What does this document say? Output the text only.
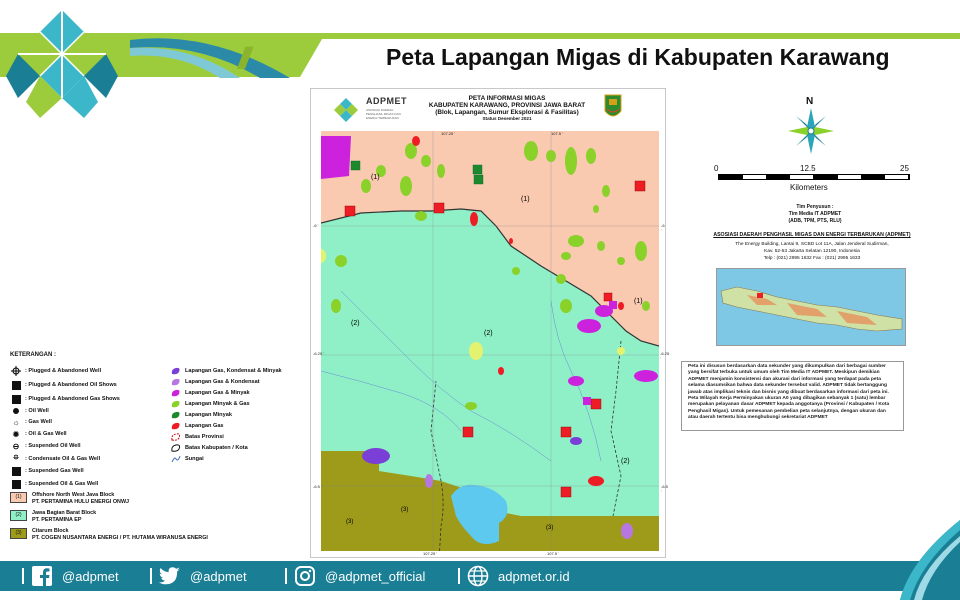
///	Peta Lapangan Migas di Kabupaten Karawang
ADPMET
ASOSIASI DAERAH PENGHASIL MIGAS DAN ENERGI TERBARUKAN
PETA INFORMASI MIGAS
KABUPATEN KARAWANG, PROVINSI JAWA BARAT
(Blok, Lapangan, Sumur Eksplorasi & Fasilitas)
Status Desember 2021
(1)
(1)
(1)
(2)
(2)
(2)
(3)
(3)
(3)
107.25 '	107.5 '
107.25 '	107.5 '
-6 '
-6.25 '
-6.5 '
-6 '
-6.25 '
-6.5 '
N
0	12.5	25
Kilometers
Tim Penyusun :
Tim Media IT ADPMET
(ADB, TPM, PTS, RLU)
ASOSIASI DAERAH PENGHASIL MIGAS DAN ENERGI TERBARUKAN (ADPMET)
The Energy Building, Lantai 9, SCBD Lot 11A, Jalan Jenderal Sudirman,
Kav. 52-53 Jakarta Selatan 12190, Indonesia
Telp : (021) 2995 1632 Fax : (021) 2995 1633
Peta ini disusun berdasarkan data sekunder yang dikumpulkan dari berbagai sumber yang bersifat terbuka untuk umum oleh Tim Media IT ADPMET. Meskipun demikian ADPMET menjamin konsistensi dan akurasi dari informasi yang terdapat pada peta selama diasumsikan bahwa data sekunder tersebut valid. ADPMET tidak bertanggung jawab atas implikasi teknis dan bisnis yang dibuat berdasarkan informasi dari peta ini. Peta Wilayah Kerja Perminyakan ukuran A0 yang dibagikan sebanyak 1 (satu) lembar merupakan pelayanan dasar ADPMET kepada anggotanya (Provinsi / Kabupaten / Kota Penghasil Migas). Untuk pemesanan pembelian peta selanjutnya, dengan ukuran dan atau daerah tertentu bisa menghubungi sekretariat ADPMET
KETERANGAN :
: Plugged & Abandoned Well
: Plugged & Abandoned Oil Shows
: Plugged & Abandoned Gas Shows
: Oil Well
☼ : Gas Well
✹	: Oil & Gas Well
⊖	: Suspended Oil Well
⯐	: Condensate Oil & Gas Well
: Suspended Gas Well
: Suspended Oil & Gas Well
Lapangan Gas, Kondensat & Minyak
Lapangan Gas & Kondensat
Lapangan Gas & Minyak
Lapangan Minyak & Gas
Lapangan Minyak
Lapangan Gas
Batas Provinsi
Batas Kabupaten / Kota
Sungai
(1)	Offshore North West Java Block
PT. PERTAMINA HULU ENERGI ONWJ
(2)	Jawa Bagian Barat Block
PT. PERTAMINA EP
(3)	Citarum Block
PT. COGEN NUSANTARA ENERGI / PT. HUTAMA WIRANUSA ENERGI
@adpmet	@adpmet	@adpmet_official	adpmet.or.id
